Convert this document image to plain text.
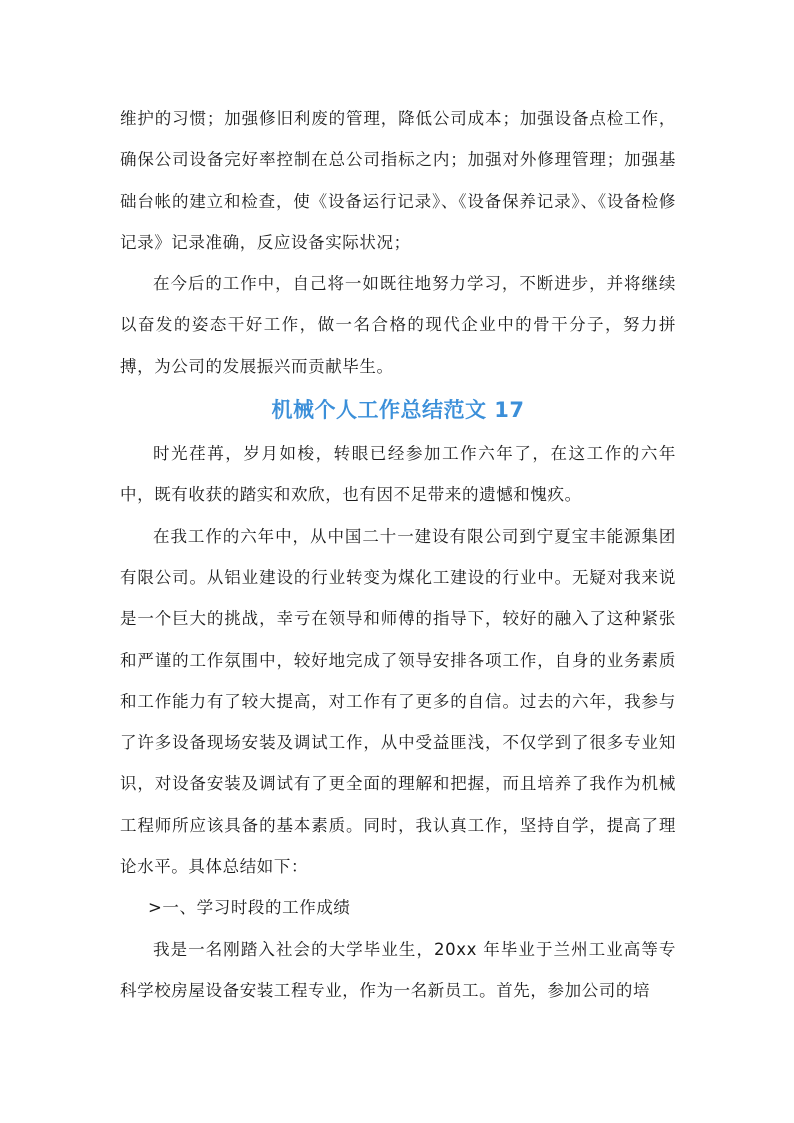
维护的习惯；加强修旧利废的管理，降低公司成本；加强设备点检工作，确保公司设备完好率控制在总公司指标之内；加强对外修理管理；加强基础台帐的建立和检查，使《设备运行记录》、《设备保养记录》、《设备检修记录》记录准确，反应设备实际状况；

在今后的工作中，自己将一如既往地努力学习，不断进步，并将继续以奋发的姿态干好工作，做一名合格的现代企业中的骨干分子，努力拼搏，为公司的发展振兴而贡献毕生。

机械个人工作总结范文 17

时光荏苒，岁月如梭，转眼已经参加工作六年了，在这工作的六年中，既有收获的踏实和欢欣，也有因不足带来的遗憾和愧疚。

在我工作的六年中，从中国二十一建设有限公司到宁夏宝丰能源集团有限公司。从铝业建设的行业转变为煤化工建设的行业中。无疑对我来说是一个巨大的挑战，幸亏在领导和师傅的指导下，较好的融入了这种紧张和严谨的工作氛围中，较好地完成了领导安排各项工作，自身的业务素质和工作能力有了较大提高，对工作有了更多的自信。过去的六年，我参与了许多设备现场安装及调试工作，从中受益匪浅，不仅学到了很多专业知识，对设备安装及调试有了更全面的理解和把握，而且培养了我作为机械工程师所应该具备的基本素质。同时，我认真工作，坚持自学，提高了理论水平。具体总结如下：

>一、学习时段的工作成绩

我是一名刚踏入社会的大学毕业生，20xx 年毕业于兰州工业高等专科学校房屋设备安装工程专业，作为一名新员工。首先，参加公司的培
